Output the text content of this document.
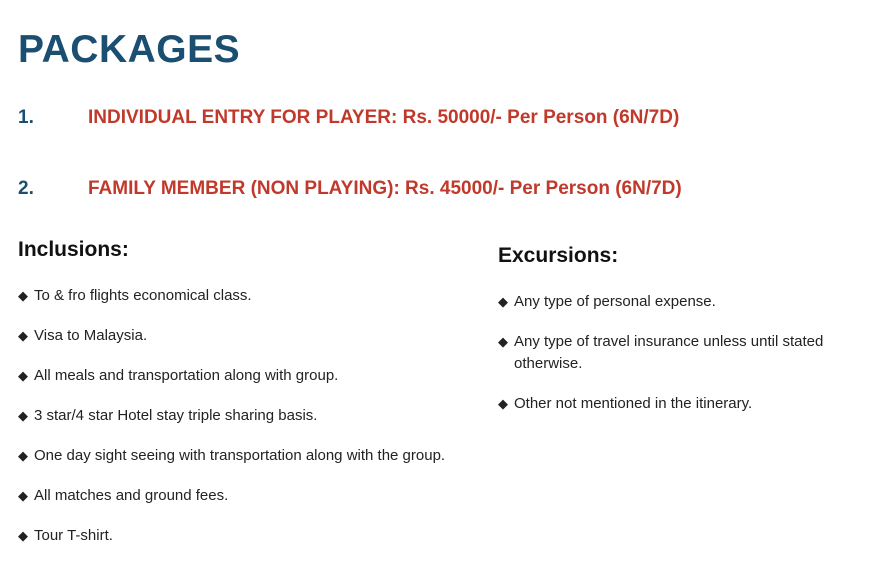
PACKAGES
1.	INDIVIDUAL ENTRY FOR PLAYER: Rs. 50000/- Per Person (6N/7D)
2.	FAMILY MEMBER (NON PLAYING): Rs. 45000/- Per Person (6N/7D)
Inclusions:
◆ To & fro flights economical class.
◆ Visa to Malaysia.
◆ All meals and transportation along with group.
◆ 3 star/4 star Hotel stay triple sharing basis.
◆ One day sight seeing with transportation along with the group.
◆ All matches and ground fees.
◆ Tour T-shirt.
Excursions:
◆ Any type of personal expense.
◆ Any type of travel insurance unless until stated otherwise.
◆ Other not mentioned in the itinerary.
